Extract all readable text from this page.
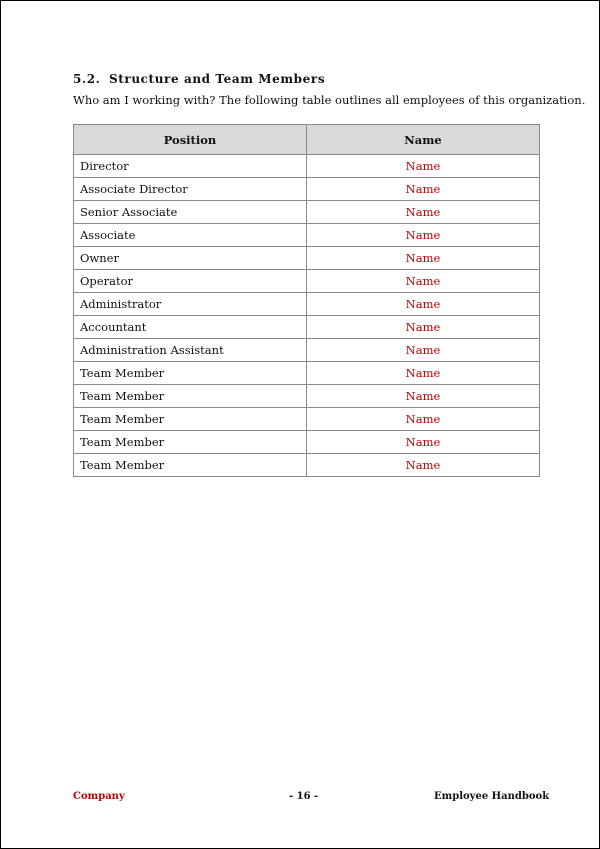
5.2. Structure and Team Members
Who am I working with? The following table outlines all employees of this organization.
Position	Name
Director	Name
Associate Director	Name
Senior Associate	Name
Associate	Name
Owner	Name
Operator	Name
Administrator	Name
Accountant	Name
Administration Assistant	Name
Team Member	Name
Team Member	Name
Team Member	Name
Team Member	Name
Team Member	Name
Company	- 16 -	Employee Handbook
